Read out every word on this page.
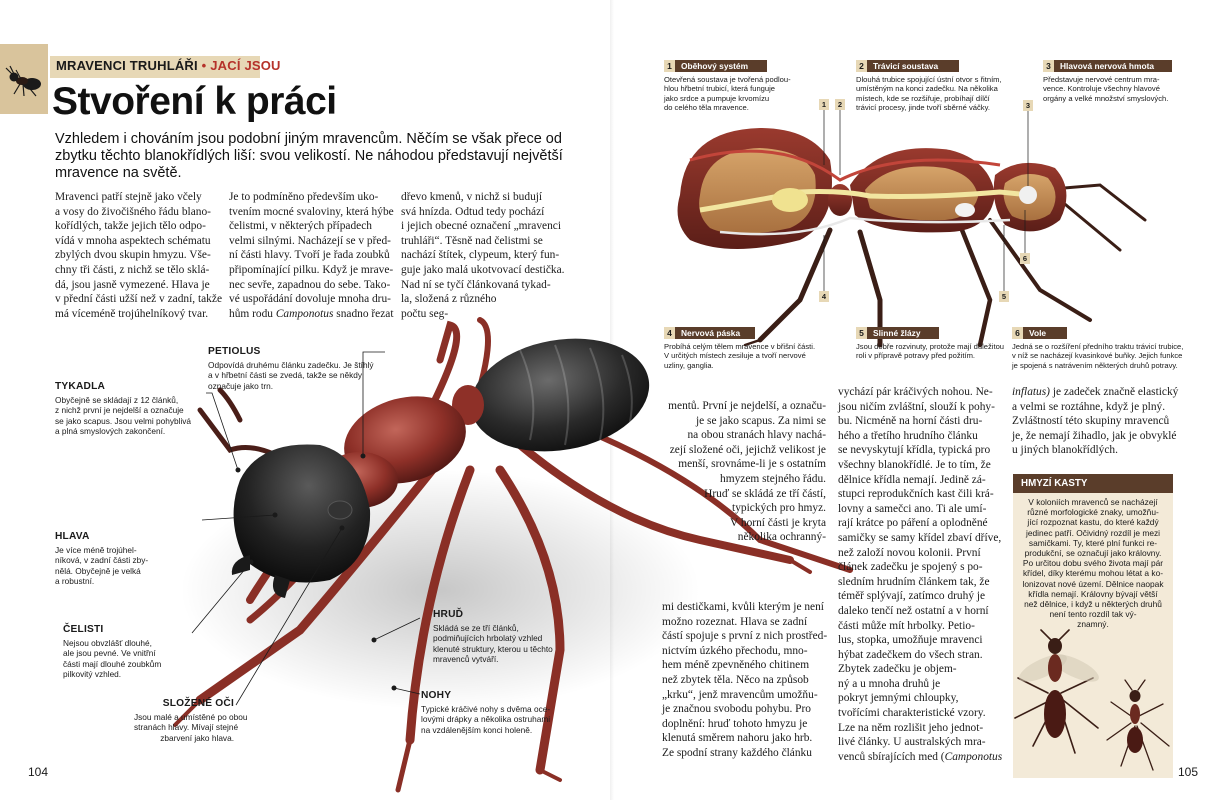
MRAVENCI TRUHLÁŘI • JACÍ JSOU
Stvoření k práci
Vzhledem i chováním jsou podobní jiným mravencům. Něčím se však přece od zbytku těchto blanokřídlých liší: svou velikostí. Ne náhodou představují největší mravence na světě.
Mravenci patří stejně jako včely
a vosy do živočišného řádu blano-
kořídlých, takže jejich tělo odpo-
vídá v mnoha aspektech schématu
zbylých dvou skupin hmyzu. Vše-
chny tři části, z nichž se tělo sklá-
dá, jsou jasně vymezené. Hlava je
v přední části užší než v zadní, takže
má víceméně trojúhelníkový tvar.
Je to podmíněno především uko-
tvením mocné svaloviny, která hýbe
čelistmi, v některých případech
velmi silnými. Nacházejí se v před-
ní části hlavy. Tvoří je řada zoubků
připomínající pilku. Když je mrave-
nec sevře, zapadnou do sebe. Tako-
vé uspořádání dovoluje mnoha dru-
hům rodu Camponotus snadno řezat
dřevo kmenů, v nichž si budují
svá hnízda. Odtud tedy pochází
i jejich obecné označení „mravenci
truhláři“. Těsně nad čelistmi se
nachází štítek, clypeum, který fun-
guje jako malá ukotvovací destička.
Nad ní se tyčí článkovaná tykad-
la, složená z různého
počtu seg-
PETIOLUS
Odpovídá druhému článku zadečku. Je štíhlý
a v hřbetní části se zvedá, takže se někdy
označuje jako trn.
TYKADLA
Obyčejně se skládají z 12 článků,
z nichž první je nejdelší a označuje
se jako scapus. Jsou velmi pohyblivá
a plná smyslových zakončení.
HLAVA
Je více méně trojúhel-
níková, v zadní části zby-
nělá. Obyčejně je velká
a robustní.
ČELISTI
Nejsou obvzlášť dlouhé,
ale jsou pevné. Ve vnitřní
části mají dlouhé zoubkům
pilkovitý vzhled.
SLOŽENÉ OČI
Jsou malé a umístěné po obou
stranách hlavy. Mívají stejné
zbarvení jako hlava.
HRUĎ
Skládá se ze tří článků,
podmiňujících hrbolatý vzhled
klenuté struktury, kterou u těchto
mravenců vytváří.
NOHY
Typické kráčivé nohy s dvěma oce-
lovými drápky a několika ostruhami
na vzdálenějším konci holeně.
1	2	3
4	5
6
1	Oběhový systém
Otevřená soustava je tvořená podlou-
hlou hřbetní trubicí, která funguje
jako srdce a pumpuje krvomízu
do celého těla mravence.
2	Trávicí soustava
Dlouhá trubice spojující ústní otvor s řitním,
umístěným na konci zadečku. Na několika
místech, kde se rozšiřuje, probíhají dílčí
trávicí procesy, jinde tvoří sběrné váčky.
3	Hlavová nervová hmota
Představuje nervové centrum mra-
vence. Kontroluje všechny hlavové
orgány a velké množství smyslových.
4	Nervová páska
Probíhá celým tělem mravence v břišní části.
V určitých místech zesiluje a tvoří nervové
uzliny, ganglia.
5	Slinné žlázy
Jsou dobře rozvinuty, protože mají důležitou
roli v přípravě potravy před požitím.
6	Vole
Jedná se o rozšíření předního traktu trávicí trubice,
v níž se nacházejí kvasinkové buňky. Jejich funkce
je spojená s natrávením některých druhů potravy.
mentů. První je nejdelší, a označu-
je se jako scapus. Za nimi se
na obou stranách hlavy nachá-
zejí složené oči, jejichž velikost je
menší, srovnáme-li je s ostatním
hmyzem stejného řádu.
Hruď se skládá ze tří částí,
typických pro hmyz.
V horní části je kryta
několika ochranný-
mi destičkami, kvůli kterým je není
možno rozeznat. Hlava se zadní
částí spojuje s první z nich prostřed-
nictvím úzkého přechodu, mno-
hem méně zpevněného chitinem
než zbytek těla. Něco na způsob
„krku“, jenž mravencům umožňu-
je značnou svobodu pohybu. Pro
doplnění: hruď tohoto hmyzu je
klenutá směrem nahoru jako hrb.
Ze spodní strany každého článku
vychází pár kráčivých nohou. Ne-
jsou ničím zvláštní, slouží k pohy-
bu. Nicméně na horní části dru-
hého a třetího hrudního článku
se nevyskytují křídla, typická pro
všechny blanokřídlé. Je to tím, že
dělnice křídla nemají. Jedině zá-
stupci reprodukčních kast čili krá-
lovny a samečci ano. Ti ale umí-
rají krátce po páření a oplodněné
samičky se samy křídel zbaví dříve,
než založí novou kolonii. První
článek zadečku je spojený s po-
sledním hrudním článkem tak, že
téměř splývají, zatímco druhý je
daleko tenčí než ostatní a v horní
části může mít hrbolky. Petio-
lus, stopka, umožňuje mravenci
hýbat zadečkem do všech stran.
Zbytek zadečku je objem-
ný a u mnoha druhů je
pokryt jemnými chloupky,
tvořícími charakteristické vzory.
Lze na něm rozlišit jeho jednot-
livé články. U australských mra-
venců sbírajících med (Camponotus
inflatus) je zadeček značně elastický
a velmi se roztáhne, když je plný.
Zvláštností této skupiny mravenců
je, že nemají žihadlo, jak je obvyklé
u jiných blanokřídlých.
HMYZÍ KASTY
V koloniích mravenců se nacházejí
různé morfologické znaky, umožňu-
jící rozpoznat kastu, do které každý
jedinec patří. Očividný rozdíl je mezi
samičkami. Ty, které plní funkci re-
produkční, se označují jako královny.
Po určitou dobu svého života mají pár
křídel, díky kterému mohou létat a ko-
lonizovat nové území. Dělnice naopak
křídla nemají. Královny bývají větší
než dělnice, i když u některých druhů
není tento rozdíl tak vý-
znamný.
104	105
